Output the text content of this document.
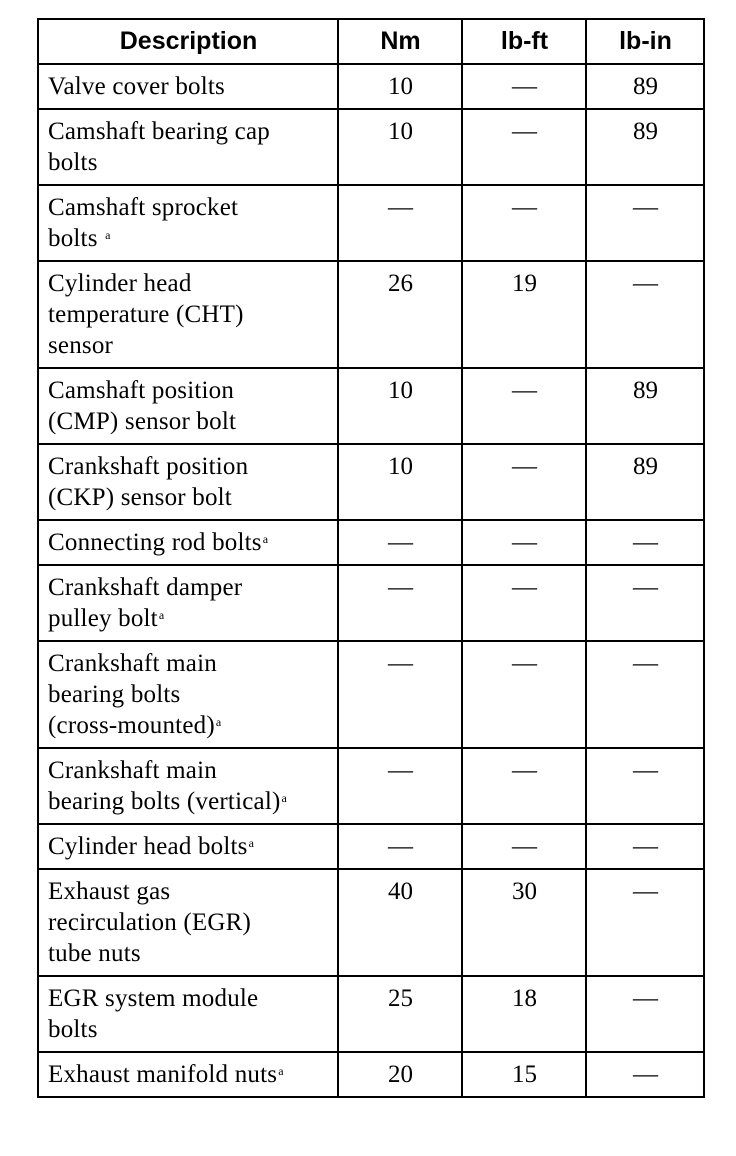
Description	Nm	lb-ft	lb-in

Valve cover bolts	10	—	89

Camshaft bearing cap
bolts	10	—	89

Camshaft sprocket
bolts $^a$	—	—	—

Cylinder head
temperature (CHT)
sensor	26	19	—

Camshaft position
(CMP) sensor bolt	10	—	89

Crankshaft position
(CKP) sensor bolt	10	—	89

Connecting rod bolts$^a$	—	—	—

Crankshaft damper
pulley bolt$^a$	—	—	—

Crankshaft main
bearing bolts
(cross-mounted)$^a$	—	—	—

Crankshaft main
bearing bolts (vertical)$^a$	—	—	—

Cylinder head bolts$^a$	—	—	—

Exhaust gas
recirculation (EGR)
tube nuts	40	30	—

EGR system module
bolts	25	18	—

Exhaust manifold nuts$^a$	20	15	—
